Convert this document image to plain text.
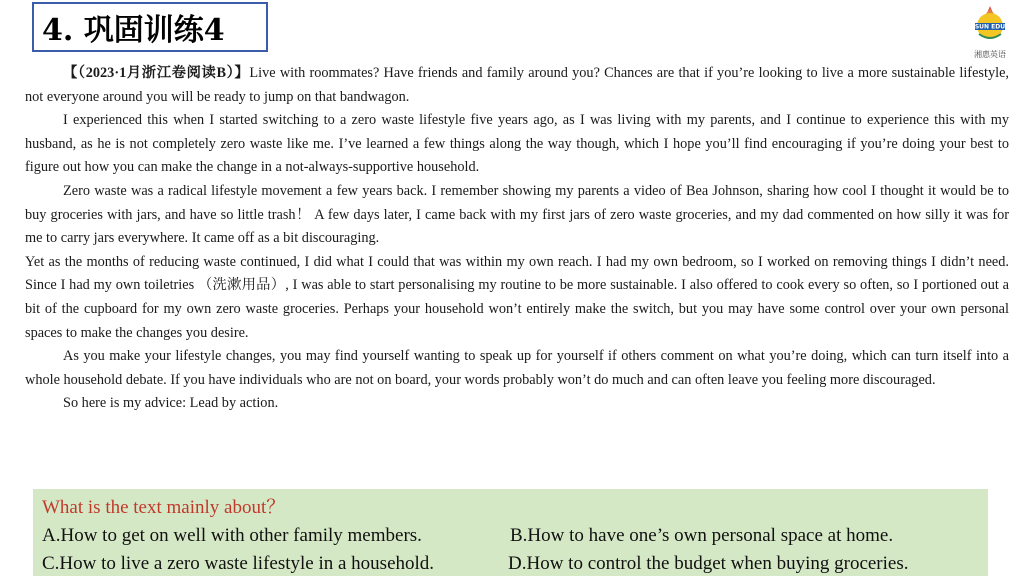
4. 巩固训练4	SUN EDU
湘惠英语

【（2023·1月浙江卷阅读B）】Live with roommates? Have friends and family around you? Chances are that if you’re looking to live a more sustainable lifestyle, not everyone around you will be ready to jump on that bandwagon.

I experienced this when I started switching to a zero waste lifestyle five years ago, as I was living with my parents, and I continue to experience this with my husband, as he is not completely zero waste like me. I’ve learned a few things along the way though, which I hope you’ll find encouraging if you’re doing your best to figure out how you can make the change in a not-always-supportive household.

Zero waste was a radical lifestyle movement a few years back. I remember showing my parents a video of Bea Johnson, sharing how cool I thought it would be to buy groceries with jars, and have so little trash！ A few days later, I came back with my first jars of zero waste groceries, and my dad commented on how silly it was for me to carry jars everywhere. It came off as a bit discouraging.

Yet as the months of reducing waste continued, I did what I could that was within my own reach. I had my own bedroom, so I worked on removing things I didn’t need. Since I had my own toiletries （洗漱用品）, I was able to start personalising my routine to be more sustainable. I also offered to cook every so often, so I portioned out a bit of the cupboard for my own zero waste groceries. Perhaps your household won’t entirely make the switch, but you may have some control over your own personal spaces to make the changes you desire.

As you make your lifestyle changes, you may find yourself wanting to speak up for yourself if others comment on what you’re doing, which can turn itself into a whole household debate. If you have individuals who are not on board, your words probably won’t do much and can often leave you feeling more discouraged.

So here is my advice: Lead by action.

What is the text mainly about？
A.How to get on well with other family members.	B.How to have one’s own personal space at home.
C.How to live a zero waste lifestyle in a household.	D.How to control the budget when buying groceries.
